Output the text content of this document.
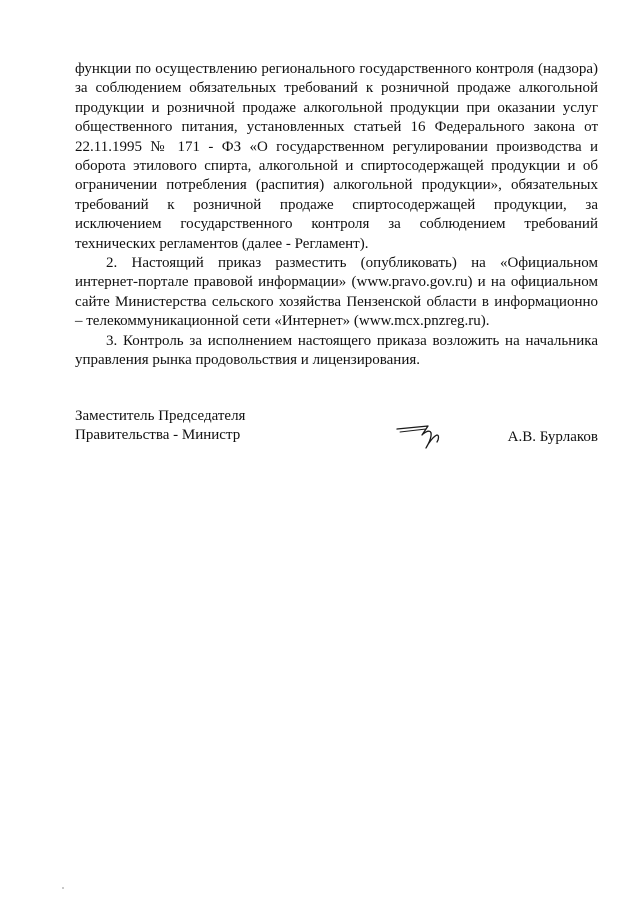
функции по осуществлению регионального государственного контроля (надзора) за соблюдением обязательных требований к розничной продаже алкогольной продукции и розничной продаже алкогольной продукции при оказании услуг общественного питания, установленных статьей 16 Федерального закона от 22.11.1995 № 171 - ФЗ «О государственном регулировании производства и оборота этилового спирта, алкогольной и спиртосодержащей продукции и об ограничении потребления (распития) алкогольной продукции», обязательных требований к розничной продаже спиртосодержащей продукции, за исключением государственного контроля за соблюдением требований технических регламентов (далее - Регламент).

2. Настоящий приказ разместить (опубликовать) на «Официальном интернет-портале правовой информации» (www.pravo.gov.ru) и на официальном сайте Министерства сельского хозяйства Пензенской области в информационно – телекоммуникационной сети «Интернет» (www.mcx.pnzreg.ru).

3. Контроль за исполнением настоящего приказа возложить на начальника управления рынка продовольствия и лицензирования.

Заместитель Председателя
Правительства - Министр	А.В. Бурлаков
